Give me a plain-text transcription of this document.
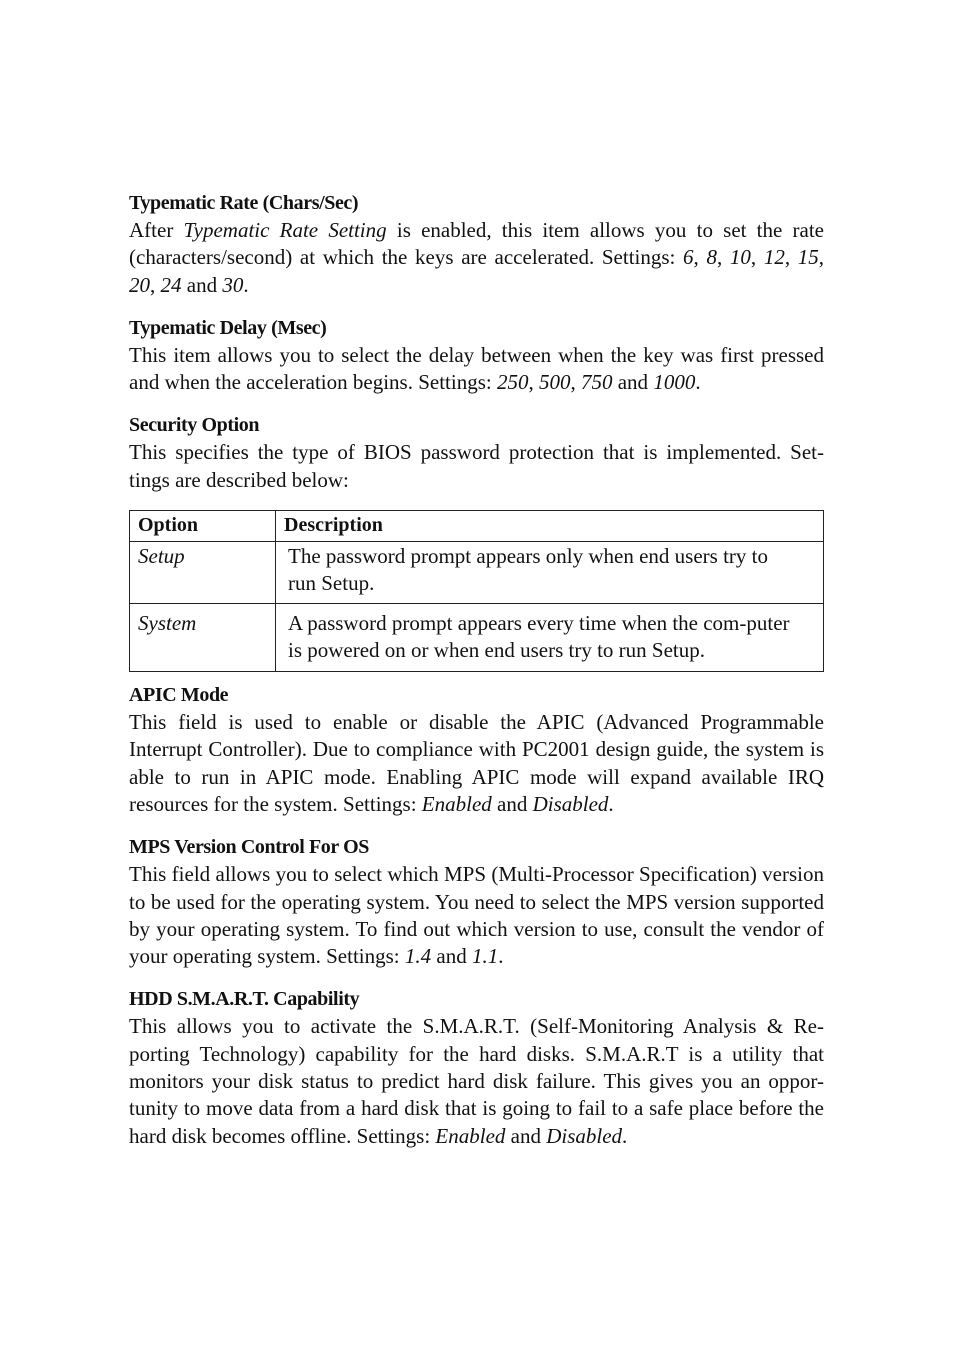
Typematic Rate (Chars/Sec)
After Typematic Rate Setting is enabled, this item allows you to set the rate (characters/second) at which the keys are accelerated. Settings: 6, 8, 10, 12, 15, 20, 24 and 30.
Typematic Delay (Msec)
This item allows you to select the delay between when the key was first pressed and when the acceleration begins. Settings: 250, 500, 750 and 1000.
Security Option
This specifies the type of BIOS password protection that is implemented. Set-tings are described below:
Option	Description
Setup	The password prompt appears only when end users try to run Setup.
System	A password prompt appears every time when the com-puter is powered on or when end users try to run Setup.
APIC Mode
This field is used to enable or disable the APIC (Advanced Programmable Interrupt Controller). Due to compliance with PC2001 design guide, the system is able to run in APIC mode. Enabling APIC mode will expand available IRQ resources for the system. Settings: Enabled and Disabled.
MPS Version Control For OS
This field allows you to select which MPS (Multi-Processor Specification) version to be used for the operating system. You need to select the MPS version supported by your operating system. To find out which version to use, consult the vendor of your operating system. Settings: 1.4 and 1.1.
HDD S.M.A.R.T. Capability
This allows you to activate the S.M.A.R.T. (Self-Monitoring Analysis & Re-porting Technology) capability for the hard disks. S.M.A.R.T is a utility that monitors your disk status to predict hard disk failure. This gives you an oppor-tunity to move data from a hard disk that is going to fail to a safe place before the hard disk becomes offline. Settings: Enabled and Disabled.
